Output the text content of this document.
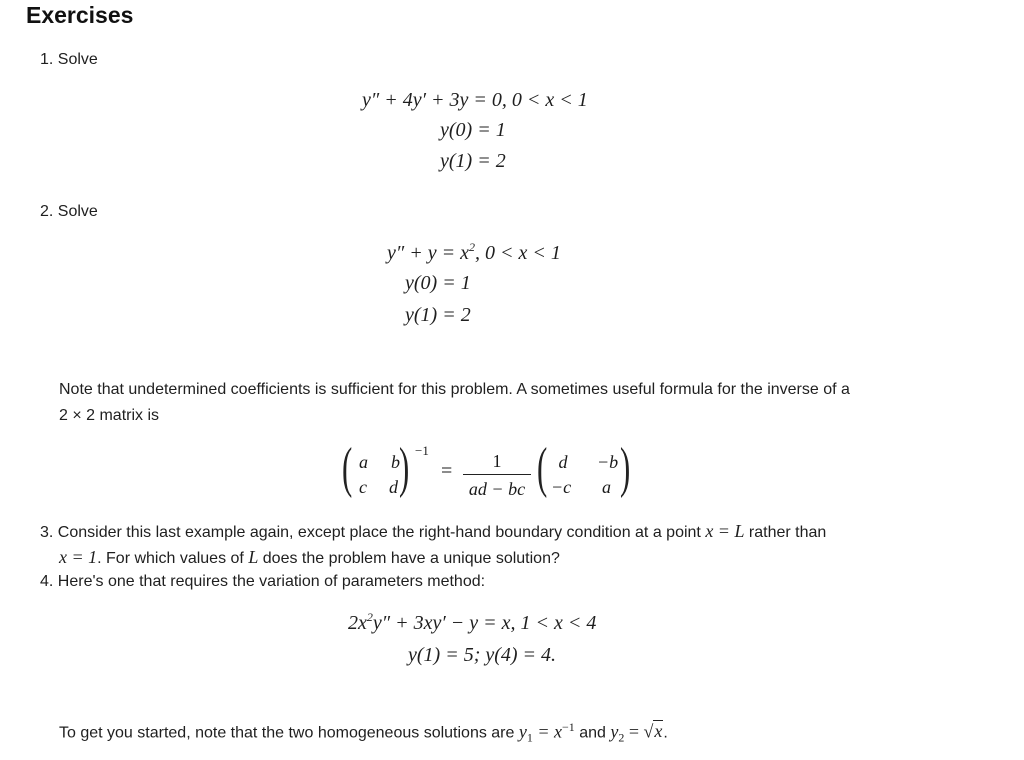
Exercises
1. Solve
y″ + 4y′ + 3y = 0, 0 < x < 1
y(0) = 1
y(1) = 2
2. Solve
$y'' + y = x^2$, 0 < x < 1
y(0) = 1
y(1) = 2
Note that undetermined coefficients is sufficient for this problem. A sometimes useful formula for the inverse of a
2 × 2 matrix is
( a b
c d ) −1
=	1
ad − bc ( d	−b
−c a )
3. Consider this last example again, except place the right-hand boundary condition at a point x = L rather than
x = 1. For which values of L does the problem have a unique solution?
4. Here's one that requires the variation of parameters method:
$2x^2y'' + 3xy' - y = x$, 1 < x < 4
y(1) = 5; y(4) = 4.
To get you started, note that the two homogeneous solutions are $y_1 = x^{-1}$ and $y_2 = √x$.
